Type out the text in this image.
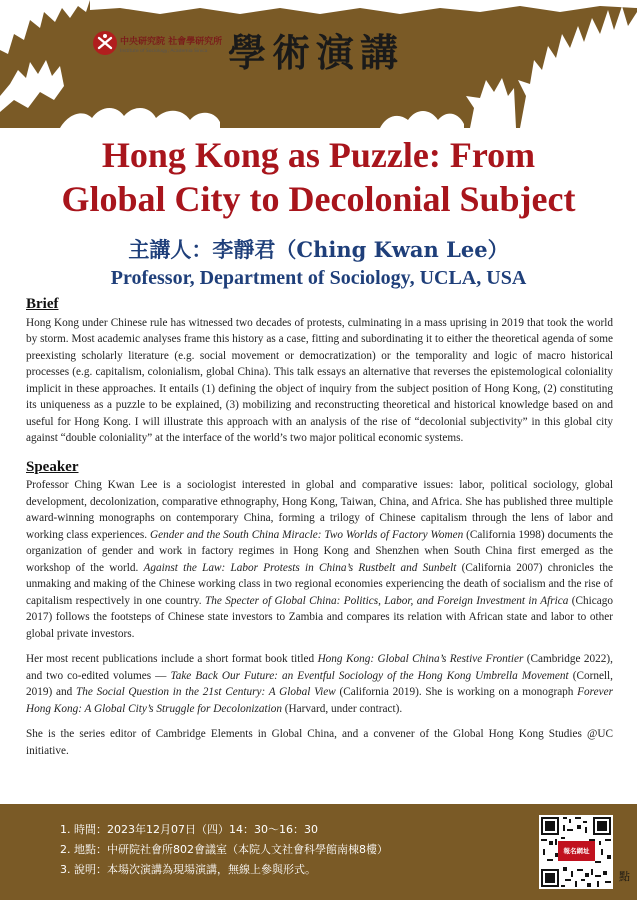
中央研究院 社會學研究所
Institute of Sociology, Academia Sinica 學術演講
Hong Kong as Puzzle: From
Global City to Decolonial Subject
主講人：李靜君（Ching Kwan Lee）
Professor, Department of Sociology, UCLA, USA
Brief

Hong Kong under Chinese rule has witnessed two decades of protests, culminating in a mass uprising in 2019 that took the world by storm. Most academic analyses frame this history as a case, fitting and subordinating it to either the theoretical agenda of some preexisting scholarly literature (e.g. social movement or democratization) or the temporality and logic of macro historical processes (e.g. capitalism, colonialism, global China). This talk essays an alternative that reverses the epistemological coloniality implicit in these approaches. It entails (1) defining the object of inquiry from the subject position of Hong Kong, (2) constituting its uniqueness as a puzzle to be explained, (3) mobilizing and reconstructing theoretical and historical knowledge based on and useful for Hong Kong. I will illustrate this approach with an analysis of the rise of “decolonial subjectivity” in this global city against “double coloniality” at the interface of the world’s two major political economic systems.

Speaker

Professor Ching Kwan Lee is a sociologist interested in global and comparative issues: labor, political sociology, global development, decolonization, comparative ethnography, Hong Kong, Taiwan, China, and Africa. She has published three multiple award-winning monographs on contemporary China, forming a trilogy of Chinese capitalism through the lens of labor and working class experiences. Gender and the South China Miracle: Two Worlds of Factory Women (California 1998) documents the organization of gender and work in factory regimes in Hong Kong and Shenzhen when South China first emerged as the workshop of the world. Against the Law: Labor Protests in China’s Rustbelt and Sunbelt (California 2007) chronicles the unmaking and making of the Chinese working class in two regional economies experiencing the death of socialism and the rise of capitalism respectively in one country. The Specter of Global China: Politics, Labor, and Foreign Investment in Africa (Chicago 2017) follows the footsteps of Chinese state investors to Zambia and compares its relation with African state and labor to other global private investors.

Her most recent publications include a short format book titled Hong Kong: Global China’s Restive Frontier (Cambridge 2022), and two co-edited volumes — Take Back Our Future: an Eventful Sociology of the Hong Kong Umbrella Movement (Cornell, 2019) and The Social Question in the 21st Century: A Global View (California 2019). She is working on a monograph Forever Hong Kong: A Global City’s Struggle for Decolonization (Harvard, under contract).

She is the series editor of Cambridge Elements in Global China, and a convener of the Global Hong Kong Studies @UC initiative.

1. 時間：2023年12月07日（四）14：30～16：30
2. 地點：中研院社會所802會議室（本院人文社會科學館南棟8樓）
3. 說明：本場次演講為現場演講，無線上參與形式。
報名網址
點
